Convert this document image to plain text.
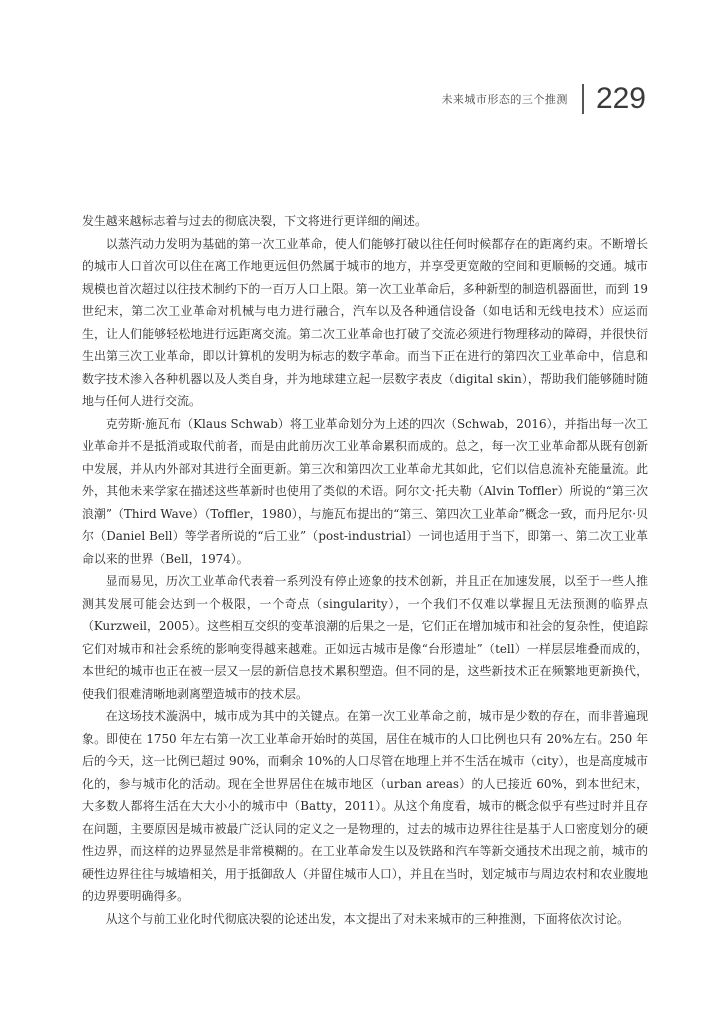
未来城市形态的三个推测 229

发生越来越标志着与过去的彻底决裂，下文将进行更详细的阐述。

以蒸汽动力发明为基础的第一次工业革命，使人们能够打破以往任何时候都存在的距离约束。不断增长的城市人口首次可以住在离工作地更远但仍然属于城市的地方，并享受更宽敞的空间和更顺畅的交通。城市规模也首次超过以往技术制约下的一百万人口上限。第一次工业革命后，多种新型的制造机器面世，而到 19 世纪末，第二次工业革命对机械与电力进行融合，汽车以及各种通信设备（如电话和无线电技术）应运而生，让人们能够轻松地进行远距离交流。第二次工业革命也打破了交流必须进行物理移动的障碍，并很快衍生出第三次工业革命，即以计算机的发明为标志的数字革命。而当下正在进行的第四次工业革命中，信息和数字技术渗入各种机器以及人类自身，并为地球建立起一层数字表皮（digital skin），帮助我们能够随时随地与任何人进行交流。

克劳斯·施瓦布（Klaus Schwab）将工业革命划分为上述的四次（Schwab，2016），并指出每一次工业革命并不是抵消或取代前者，而是由此前历次工业革命累积而成的。总之，每一次工业革命都从既有创新中发展，并从内外部对其进行全面更新。第三次和第四次工业革命尤其如此，它们以信息流补充能量流。此外，其他未来学家在描述这些革新时也使用了类似的术语。阿尔文·托夫勒（Alvin Toffler）所说的“第三次浪潮”（Third Wave）（Toffler，1980），与施瓦布提出的“第三、第四次工业革命”概念一致，而丹尼尔·贝尔（Daniel Bell）等学者所说的“后工业”（post-industrial）一词也适用于当下，即第一、第二次工业革命以来的世界（Bell，1974）。

显而易见，历次工业革命代表着一系列没有停止迹象的技术创新，并且正在加速发展，以至于一些人推测其发展可能会达到一个极限，一个奇点（singularity），一个我们不仅难以掌握且无法预测的临界点（Kurzweil，2005）。这些相互交织的变革浪潮的后果之一是，它们正在增加城市和社会的复杂性，使追踪它们对城市和社会系统的影响变得越来越难。正如远古城市是像“台形遗址”（tell）一样层层堆叠而成的，本世纪的城市也正在被一层又一层的新信息技术累积塑造。但不同的是，这些新技术正在频繁地更新换代，使我们很难清晰地剥离塑造城市的技术层。

在这场技术漩涡中，城市成为其中的关键点。在第一次工业革命之前，城市是少数的存在，而非普遍现象。即使在 1750 年左右第一次工业革命开始时的英国，居住在城市的人口比例也只有 20%左右。250 年后的今天，这一比例已超过 90%，而剩余 10%的人口尽管在地理上并不生活在城市（city），也是高度城市化的，参与城市化的活动。现在全世界居住在城市地区（urban areas）的人已接近 60%，到本世纪末，大多数人都将生活在大大小小的城市中（Batty，2011）。从这个角度看，城市的概念似乎有些过时并且存在问题，主要原因是城市被最广泛认同的定义之一是物理的，过去的城市边界往往是基于人口密度划分的硬性边界，而这样的边界显然是非常模糊的。在工业革命发生以及铁路和汽车等新交通技术出现之前，城市的硬性边界往往与城墙相关，用于抵御敌人（并留住城市人口），并且在当时，划定城市与周边农村和农业腹地的边界要明确得多。

从这个与前工业化时代彻底决裂的论述出发，本文提出了对未来城市的三种推测，下面将依次讨论。
